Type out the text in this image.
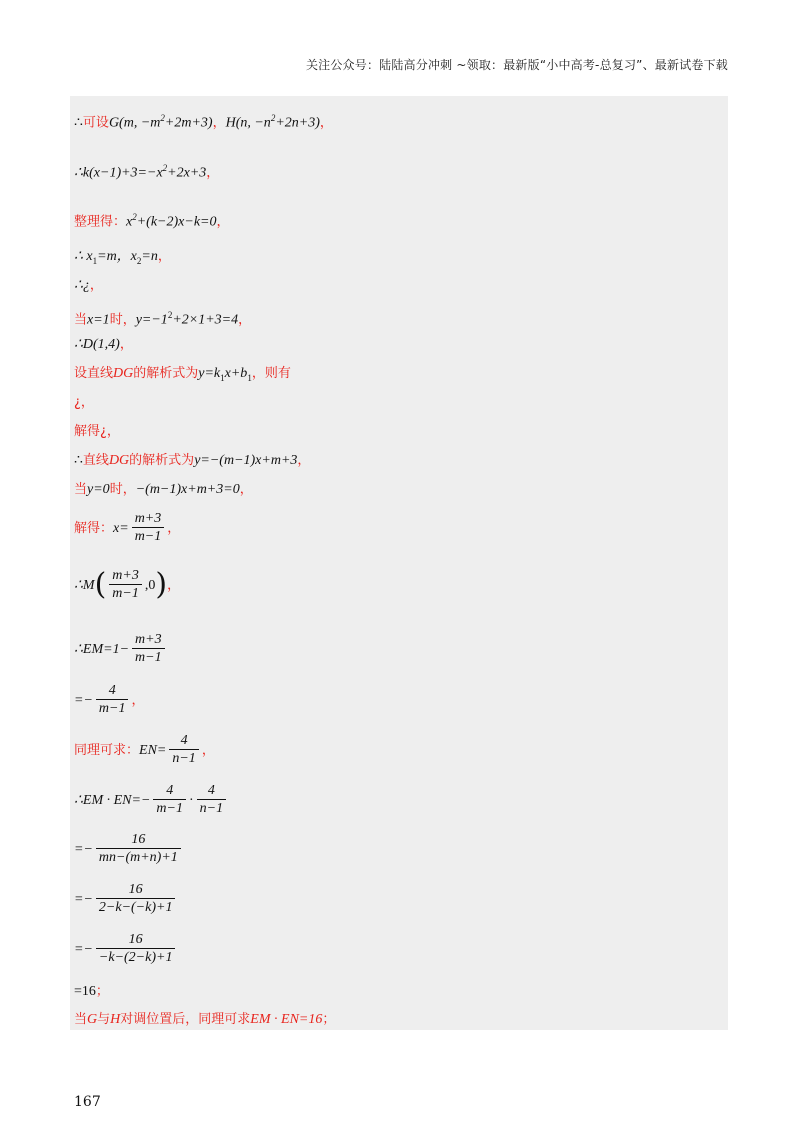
关注公众号：陆陆高分冲刺 ~领取：最新版“小中高考-总复习”、最新试卷下载
∴可设G(m, $-m^2+2m+3$)，H(n, $-n^2+2n+3$)，
$\therefore k(x-1)+3=-x^2+2x+3$，
整理得：$x^2+(k-2)x-k=0$，
∴ $x_1=m$，$x_2=n$，
∴¿，
当x=1时，$y=-1^2+2\times 1+3=4$，
∴D(1,4)，
设直线DG的解析式为$y=k_1x+b_1$，则有
¿，
解得¿，
∴直线DG的解析式为y=−(m−1)x+m+3，
当y=0时，−(m−1)x+m+3=0，
解得：$x= \frac{m+3}{m-1}$ ，
∴M( $\frac{m+3}{m-1} ,0$)，
∴EM=1− $\frac{m+3}{m-1}$
=− $\frac{4}{m-1}$ ，
同理可求：$EN= \frac{4}{n-1}$ ，
∴EM · $EN=- \frac{4}{m-1} \cdot \frac{4}{n-1}$
=− $\frac{16}{mn-(m+n)+1}$
=− $\frac{16}{2-k-(-k)+1}$
=− $\frac{16}{-k-(2-k)+1}$
=16；
当G与H对调位置后，同理可求EM · EN=16；
167
